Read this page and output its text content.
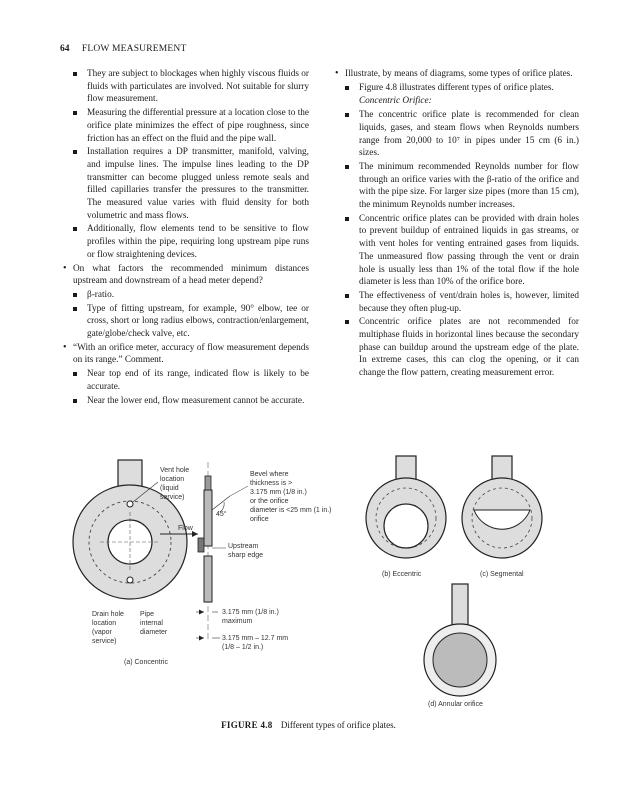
64 FLOW MEASUREMENT

They are subject to blockages when highly viscous fluids or fluids with particulates are involved. Not suitable for slurry flow measurement.

Measuring the differential pressure at a location close to the orifice plate minimizes the effect of pipe roughness, since friction has an effect on the fluid and the pipe wall.

Installation requires a DP transmitter, manifold, valving, and impulse lines. The impulse lines leading to the DP transmitter can become plugged unless remote seals and filled capillaries transfer the pressures to the transmitter. The measured value varies with fluid density for both volumetric and mass flows.

Additionally, flow elements tend to be sensitive to flow profiles within the pipe, requiring long upstream pipe runs or flow straightening devices.

• On what factors the recommended minimum distances upstream and downstream of a head meter depend?

β-ratio.

Type of fitting upstream, for example, 90° elbow, tee or cross, short or long radius elbows, contraction/enlargement, gate/globe/check valve, etc.

• “With an orifice meter, accuracy of flow measurement depends on its range.” Comment.

Near top end of its range, indicated flow is likely to be accurate.

Near the lower end, flow measurement cannot be accurate.

• Illustrate, by means of diagrams, some types of orifice plates.

Figure 4.8 illustrates different types of orifice plates.

Concentric Orifice:

The concentric orifice plate is recommended for clean liquids, gases, and steam flows when Reynolds numbers range from 20,000 to 10⁷ in pipes under 15 cm (6 in.) sizes.

The minimum recommended Reynolds number for flow through an orifice varies with the β-ratio of the orifice and with the pipe size. For larger size pipes (more than 15 cm), the minimum Reynolds number increases.

Concentric orifice plates can be provided with drain holes to prevent buildup of entrained liquids in gas streams, or with vent holes for venting entrained gases from liquids. The unmeasured flow passing through the vent or drain hole is usually less than 1% of the total flow if the hole diameter is less than 10% of the orifice bore.

The effectiveness of vent/drain holes is, however, limited because they often plug-up.

Concentric orifice plates are not recommended for multiphase fluids in horizontal lines because the secondary phase can buildup around the upstream edge of the plate. In extreme cases, this can clog the opening, or it can change the flow pattern, creating measurement error.

Vent hole location (liquid service)
Drain hole location (vapor service)
Pipe internal diameter
(a) Concentric
Flow
45°
Bevel where thickness is > 3.175 mm (1/8 in.) or the orifice diameter is <25 mm (1 in.) orifice
Upstream sharp edge
3.175 mm (1/8 in.) maximum
3.175 mm – 12.7 mm (1/8 – 1/2 in.)
(b) Eccentric	(c) Segmental
(d) Annular orifice
FIGURE 4.8 Different types of orifice plates.
